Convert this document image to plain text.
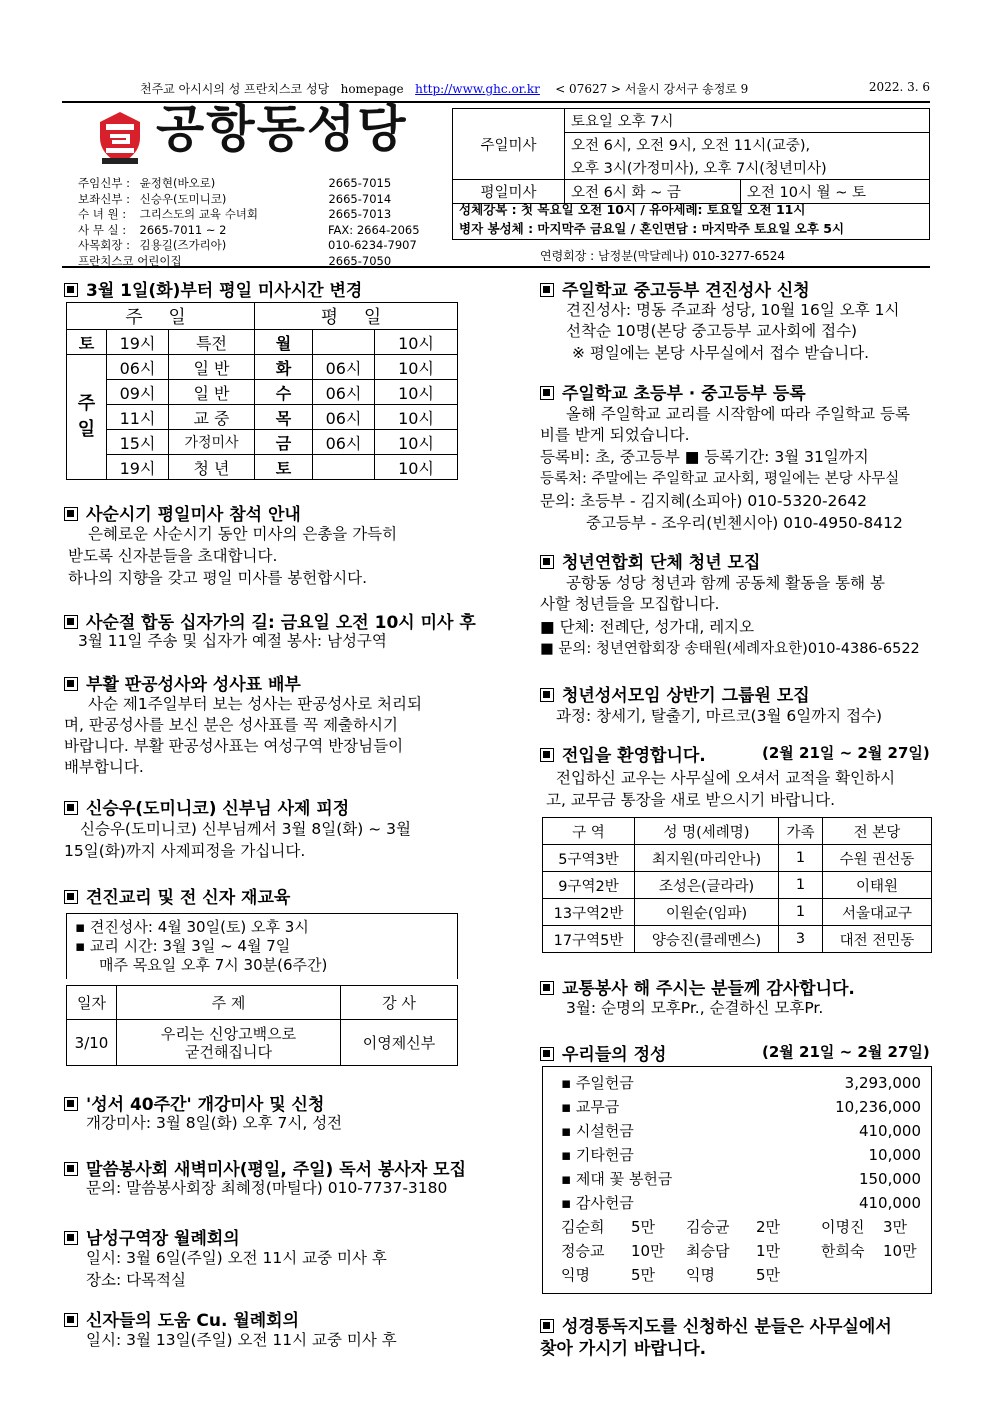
천주교 아시시의 성 프란치스코 성당 homepage http://www.ghc.or.kr < 07627 > 서울시 강서구 송정로 9	2022. 3. 6
공항동성당
주임신부 : 윤정현(바오로)	2665-7015
보좌신부 : 신승우(도미니코)	2665-7014
수 녀 원 :	그리스도의 교육 수녀회	2665-7013
사 무 실 :	2665-7011 ~ 2	FAX: 2664-2065
사목회장 : 김용길(즈가리아)	010-6234-7907
프란치스코 어린이집	2665-7050
주일미사	토요일 오후 7시	
	오전 6시, 오전 9시, 오전 11시(교중),	
	오후 3시(가정미사), 오후 7시(청년미사)	
평일미사	오전 6시 화 ~ 금	오전 10시 월 ~ 토
성체강복 : 첫 목요일 오전 10시 / 유아세례: 토요일 오전 11시
병자 봉성체 : 마지막주 금요일 / 혼인면담 : 마지막주 토요일 오후 5시
연령회장 : 남정분(막달레나) 010-3277-6524
3월 1일(화)부터 평일 미사시간 변경
주 일			평 일		
토	19시	특전	월		10시
주
일	06시	일 반	화	06시	10시
	09시	일 반	수	06시	10시
	11시	교 중	목	06시	10시
	15시	가정미사	금	06시	10시
	19시	청 년	토		10시
사순시기 평일미사 참석 안내
은혜로운 사순시기 동안 미사의 은총을 가득히
받도록 신자분들을 초대합니다.
하나의 지향을 갖고 평일 미사를 봉헌합시다.
사순절 합동 십자가의 길: 금요일 오전 10시 미사 후
3월 11일 주송 및 십자가 예절 봉사: 남성구역
부활 판공성사와 성사표 배부
사순 제1주일부터 보는 성사는 판공성사로 처리되
며, 판공성사를 보신 분은 성사표를 꼭 제출하시기
바랍니다. 부활 판공성사표는 여성구역 반장님들이
배부합니다.
신승우(도미니코) 신부님 사제 피정
신승우(도미니코) 신부님께서 3월 8일(화) ~ 3월
15일(화)까지 사제피정을 가십니다.
견진교리 및 전 신자 재교육
▪ 견진성사: 4월 30일(토) 오후 3시
▪ 교리 시간: 3월 3일 ~ 4월 7일
매주 목요일 오후 7시 30분(6주간)
일자	주 제	강 사
3/10	우리는 신앙고백으로
굳건해집니다	이영제신부
'성서 40주간' 개강미사 및 신청
개강미사: 3월 8일(화) 오후 7시, 성전
말씀봉사회 새벽미사(평일, 주일) 독서 봉사자 모집
문의: 말씀봉사회장 최혜정(마틸다) 010-7737-3180
남성구역장 월례회의
일시: 3월 6일(주일) 오전 11시 교중 미사 후
장소: 다목적실
신자들의 도움 Cu. 월례회의
일시: 3월 13일(주일) 오전 11시 교중 미사 후
주일학교 중고등부 견진성사 신청
견진성사: 명동 주교좌 성당, 10월 16일 오후 1시
선착순 10명(본당 중고등부 교사회에 접수)
※ 평일에는 본당 사무실에서 접수 받습니다.
주일학교 초등부 · 중고등부 등록
올해 주일학교 교리를 시작함에 따라 주일학교 등록
비를 받게 되었습니다.
등록비: 초, 중고등부 ■ 등록기간: 3월 31일까지
등록처: 주말에는 주일학교 교사회, 평일에는 본당 사무실
문의: 초등부 - 김지혜(소피아) 010-5320-2642
중고등부 - 조우리(빈첸시아) 010-4950-8412
청년연합회 단체 청년 모집
공항동 성당 청년과 함께 공동체 활동을 통해 봉
사할 청년들을 모집합니다.
■ 단체: 전례단, 성가대, 레지오
■ 문의: 청년연합회장 송태원(세례자요한)010-4386-6522
청년성서모임 상반기 그룹원 모집
과정: 창세기, 탈출기, 마르코(3월 6일까지 접수)
전입을 환영합니다.	(2월 21일 ~ 2월 27일)
전입하신 교우는 사무실에 오셔서 교적을 확인하시
고, 교무금 통장을 새로 받으시기 바랍니다.
구 역	성 명(세례명)	가족	전 본당
5구역3반	최지원(마리안나)	1	수원 권선동
9구역2반	조성은(글라라)	1	이태원
13구역2반	이원순(임파)	1	서울대교구
17구역5반	양승진(클레멘스)	3	대전 전민동
교통봉사 해 주시는 분들께 감사합니다.
3월: 순명의 모후Pr., 순결하신 모후Pr.
우리들의 정성	(2월 21일 ~ 2월 27일)
▪ 주일헌금	3,293,000
▪ 교무금	10,236,000
▪ 시설헌금	410,000
▪ 기타헌금	10,000
▪ 제대 꽃 봉헌금	150,000
▪ 감사헌금	410,000
김순희	5만	김승균	2만	이명진	3만
정승교	10만	최승담	1만	한희숙	10만
익명	5만	익명	5만
성경통독지도를 신청하신 분들은 사무실에서
찾아 가시기 바랍니다.
